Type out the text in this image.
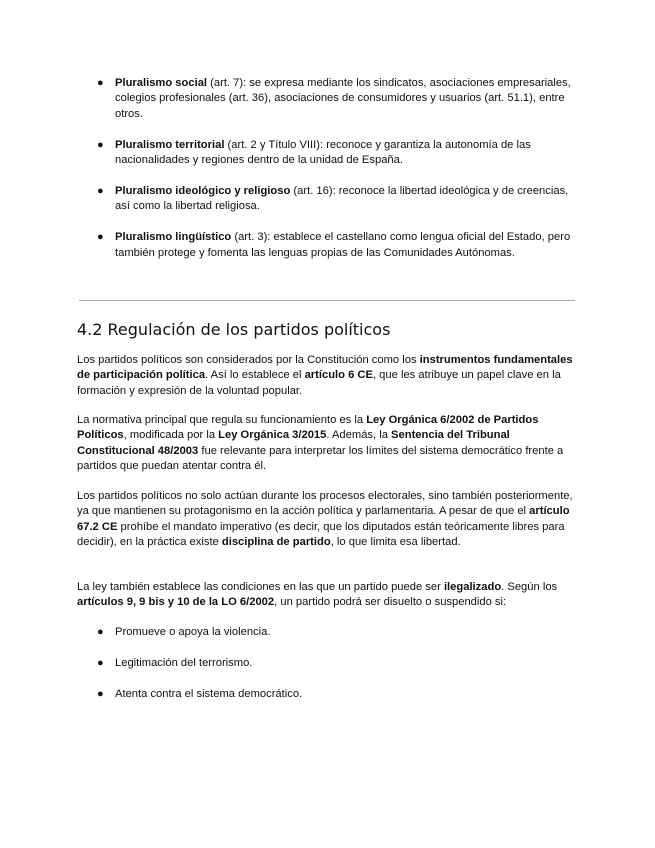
● Pluralismo social (art. 7): se expresa mediante los sindicatos, asociaciones empresariales, colegios profesionales (art. 36), asociaciones de consumidores y usuarios (art. 51.1), entre otros.
● Pluralismo territorial (art. 2 y Título VIII): reconoce y garantiza la autonomía de las nacionalidades y regiones dentro de la unidad de España.
● Pluralismo ideológico y religioso (art. 16): reconoce la libertad ideológica y de creencias, así como la libertad religiosa.
● Pluralismo lingüístico (art. 3): establece el castellano como lengua oficial del Estado, pero también protege y fomenta las lenguas propias de las Comunidades Autónomas.
4.2 Regulación de los partidos políticos

Los partidos políticos son considerados por la Constitución como los instrumentos fundamentales de participación política. Así lo establece el artículo 6 CE, que les atribuye un papel clave en la formación y expresión de la voluntad popular.

La normativa principal que regula su funcionamiento es la Ley Orgánica 6/2002 de Partidos Políticos, modificada por la Ley Orgánica 3/2015. Además, la Sentencia del Tribunal Constitucional 48/2003 fue relevante para interpretar los límites del sistema democrático frente a partidos que puedan atentar contra él.

Los partidos políticos no solo actúan durante los procesos electorales, sino también posteriormente, ya que mantienen su protagonismo en la acción política y parlamentaria. A pesar de que el artículo 67.2 CE prohíbe el mandato imperativo (es decir, que los diputados están teóricamente libres para decidir), en la práctica existe disciplina de partido, lo que limita esa libertad.

La ley también establece las condiciones en las que un partido puede ser ilegalizado. Según los artículos 9, 9 bis y 10 de la LO 6/2002, un partido podrá ser disuelto o suspendido si:

● Promueve o apoya la violencia.
● Legitimación del terrorismo.
● Atenta contra el sistema democrático.
